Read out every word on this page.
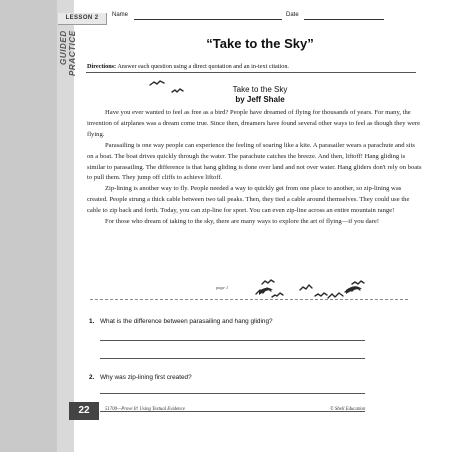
LESSON 2
GUIDED PRACTICE
Name	Date
“Take to the Sky”
Directions: Answer each question using a direct quotation and an in-text citation.
Take to the Sky
by Jeff Shale

Have you ever wanted to feel as free as a bird? People have dreamed of flying for thousands of years. For many, the invention of airplanes was a dream come true. Since then, dreamers have found several other ways to feel as though they were flying.

Parasailing is one way people can experience the feeling of soaring like a kite. A parasailer wears a parachute and sits on a boat. The boat drives quickly through the water. The parachute catches the breeze. And then, liftoff! Hang gliding is similar to parasailing. The difference is that hang gliding is done over land and not over water. Hang gliders don't rely on boats to pull them. They jump off cliffs to achieve liftoff.

Zip-lining is another way to fly. People needed a way to quickly get from one place to another, so zip-lining was created. People strung a thick cable between two tall peaks. Then, they tied a cable around themselves. They could use the cable to zip back and forth. Today, you can zip-line for sport. You can even zip-line across an entire mountain range!

For those who dream of taking to the sky, there are many ways to explore the art of flying—if you dare!

page 1
1. What is the difference between parasailing and hang gliding?
2. Why was zip-lining first created?
22	51700—Prove It! Using Textual Evidence	© Shell Education
